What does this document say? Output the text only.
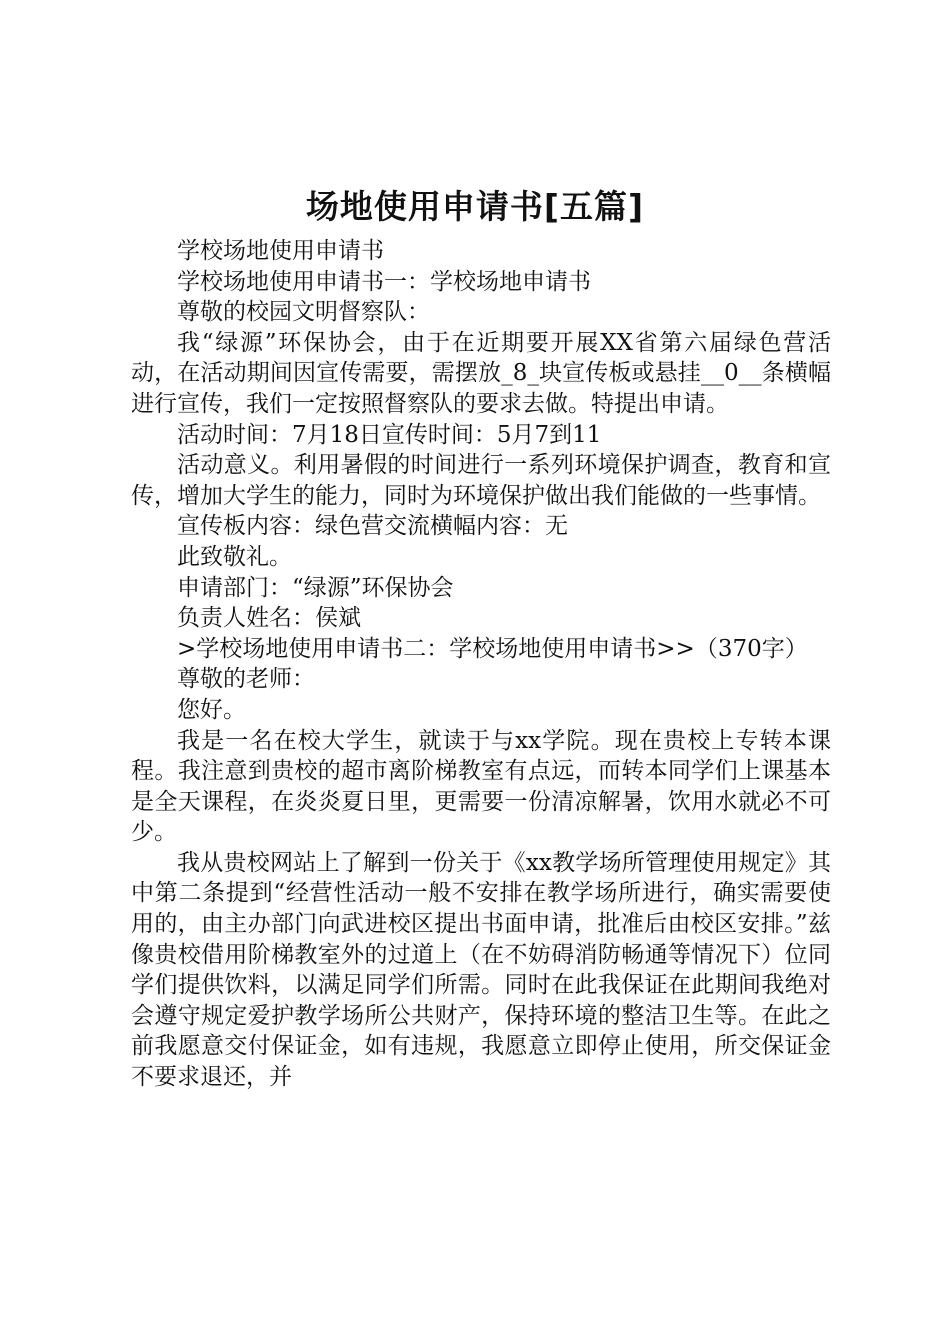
场地使用申请书[五篇]

学校场地使用申请书

学校场地使用申请书一：学校场地申请书

尊敬的校园文明督察队：

我“绿源”环保协会，由于在近期要开展XX省第六届绿色营活动，在活动期间因宣传需要，需摆放_8_块宣传板或悬挂__0__条横幅进行宣传，我们一定按照督察队的要求去做。特提出申请。

活动时间：7月18日宣传时间：5月7到11

活动意义。利用暑假的时间进行一系列环境保护调查，教育和宣传，增加大学生的能力，同时为环境保护做出我们能做的一些事情。

宣传板内容：绿色营交流横幅内容：无

此致敬礼。

申请部门：“绿源”环保协会

负责人姓名：侯斌

>学校场地使用申请书二：学校场地使用申请书>>（370字）

尊敬的老师：

您好。

我是一名在校大学生，就读于与xx学院。现在贵校上专转本课程。我注意到贵校的超市离阶梯教室有点远，而转本同学们上课基本是全天课程，在炎炎夏日里，更需要一份清凉解暑，饮用水就必不可少。

我从贵校网站上了解到一份关于《xx教学场所管理使用规定》其中第二条提到“经营性活动一般不安排在教学场所进行，确实需要使用的，由主办部门向武进校区提出书面申请，批准后由校区安排。”兹像贵校借用阶梯教室外的过道上（在不妨碍消防畅通等情况下）位同学们提供饮料，以满足同学们所需。同时在此我保证在此期间我绝对会遵守规定爱护教学场所公共财产，保持环境的整洁卫生等。在此之前我愿意交付保证金，如有违规，我愿意立即停止使用，所交保证金不要求退还，并
